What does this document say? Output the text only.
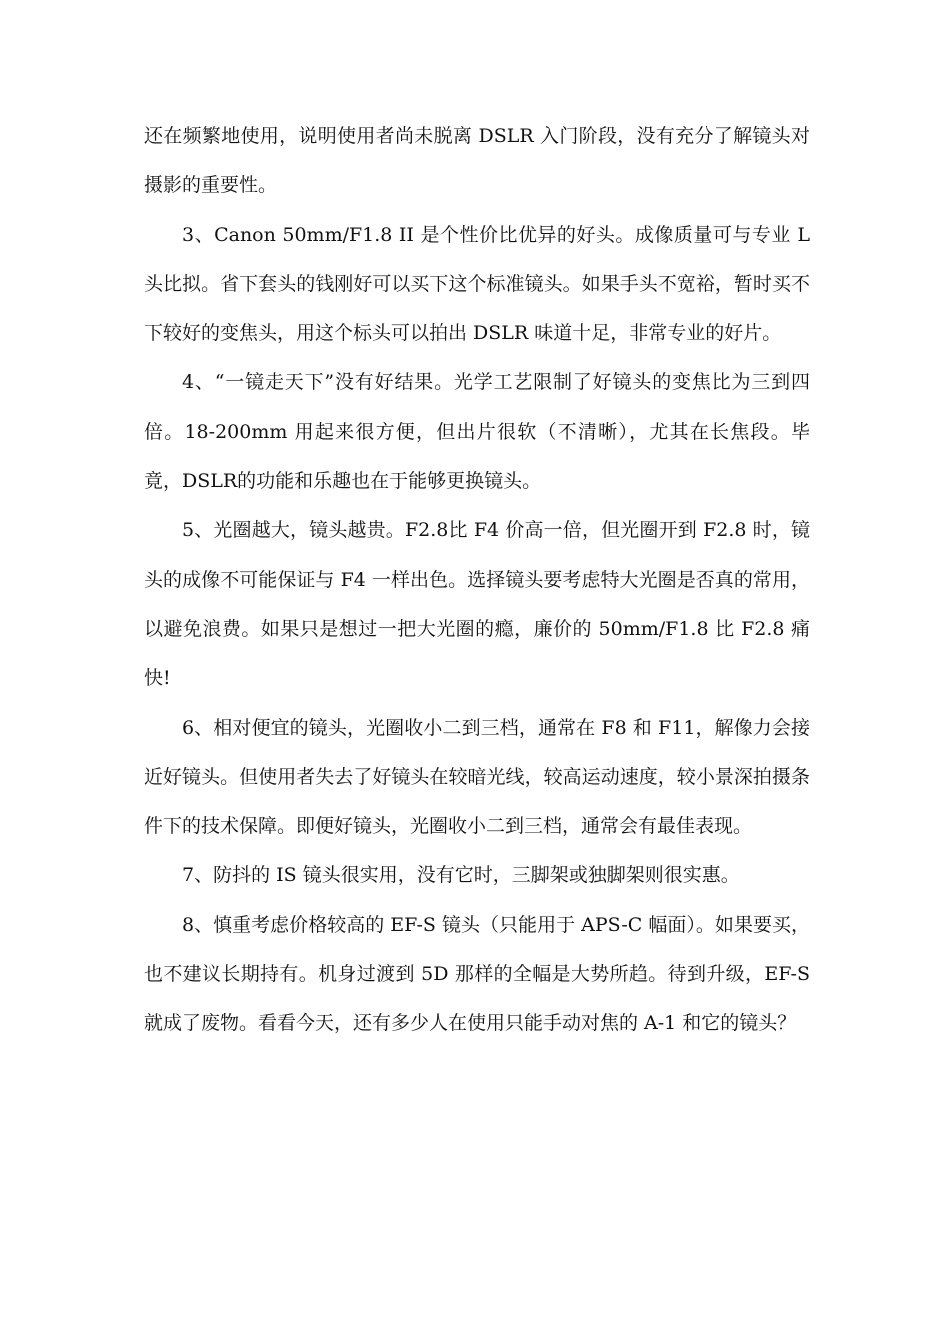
还在频繁地使用，说明使用者尚未脱离 DSLR 入门阶段，没有充分了解镜头对摄影的重要性。

3、Canon 50mm/F1.8 II 是个性价比优异的好头。成像质量可与专业 L 头比拟。省下套头的钱刚好可以买下这个标准镜头。如果手头不宽裕，暂时买不下较好的变焦头，用这个标头可以拍出 DSLR 味道十足，非常专业的好片。

4、“一镜走天下”没有好结果。光学工艺限制了好镜头的变焦比为三到四倍。18-200mm 用起来很方便，但出片很软（不清晰），尤其在长焦段。毕竟，DSLR的功能和乐趣也在于能够更换镜头。

5、光圈越大，镜头越贵。F2.8比 F4 价高一倍，但光圈开到 F2.8 时，镜头的成像不可能保证与 F4 一样出色。选择镜头要考虑特大光圈是否真的常用，以避免浪费。如果只是想过一把大光圈的瘾，廉价的 50mm/F1.8 比 F2.8 痛快!

6、相对便宜的镜头，光圈收小二到三档，通常在 F8 和 F11，解像力会接近好镜头。但使用者失去了好镜头在较暗光线，较高运动速度，较小景深拍摄条件下的技术保障。即便好镜头，光圈收小二到三档，通常会有最佳表现。

7、防抖的 IS 镜头很实用，没有它时，三脚架或独脚架则很实惠。

8、慎重考虑价格较高的 EF-S 镜头（只能用于 APS-C 幅面）。如果要买，也不建议长期持有。机身过渡到 5D 那样的全幅是大势所趋。待到升级，EF-S 就成了废物。看看今天，还有多少人在使用只能手动对焦的 A-1 和它的镜头？
